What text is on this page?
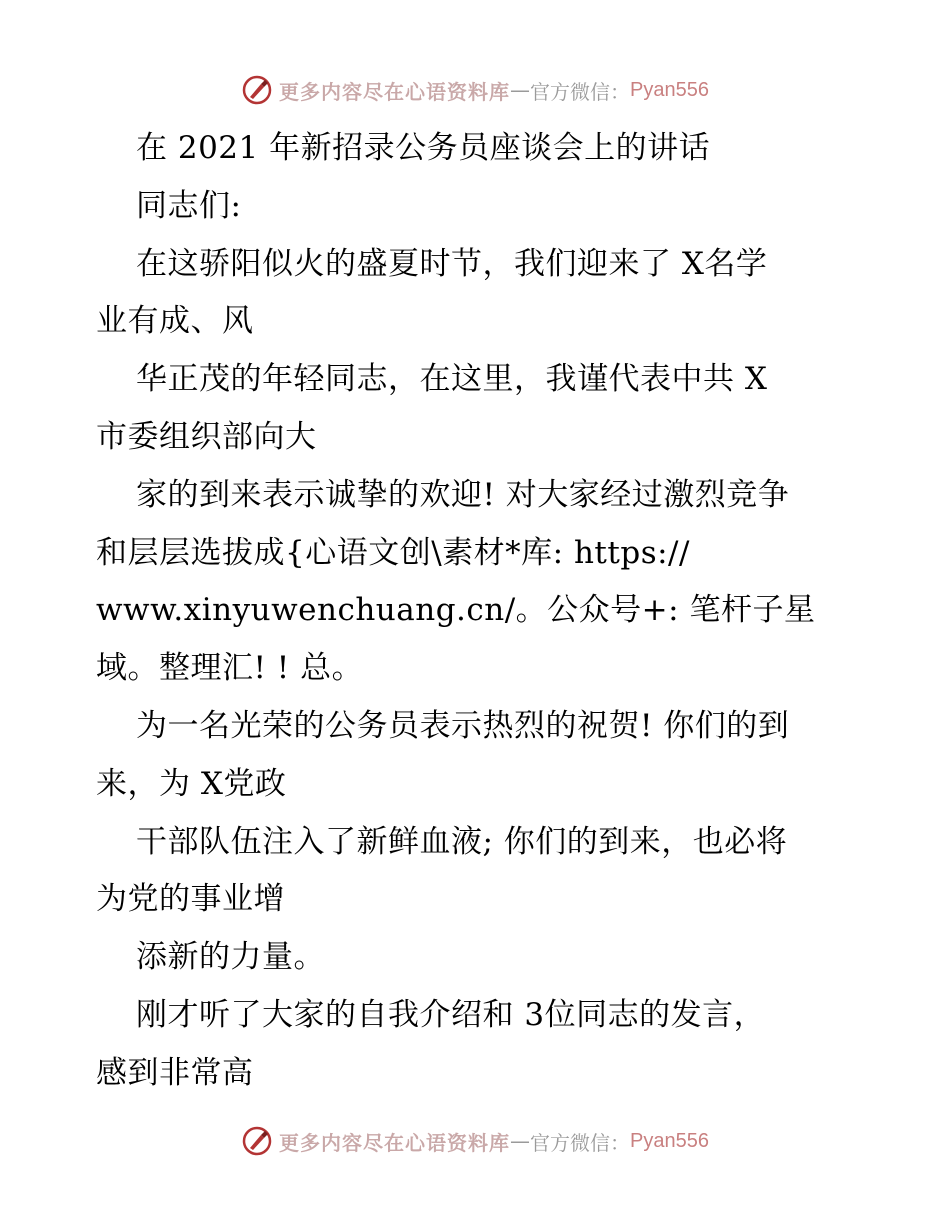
更多内容尽在心语资料库 — 官方微信： Pyan556
在 2021 年新招录公务员座谈会上的讲话
同志们:
在这骄阳似火的盛夏时节，我们迎来了 X名学
业有成、风
华正茂的年轻同志，在这里，我谨代表中共 X
市委组织部向大
家的到来表示诚挚的欢迎! 对大家经过激烈竞争
和层层选拔成{心语文创\素材*库: https://
www.xinyuwenchuang.cn/。公众号+: 笔杆子星
域。整理汇! ! 总。
为一名光荣的公务员表示热烈的祝贺! 你们的到
来，为 X党政
干部队伍注入了新鲜血液; 你们的到来，也必将
为党的事业增
添新的力量。
刚才听了大家的自我介绍和 3位同志的发言，
感到非常高
更多内容尽在心语资料库 — 官方微信： Pyan556
